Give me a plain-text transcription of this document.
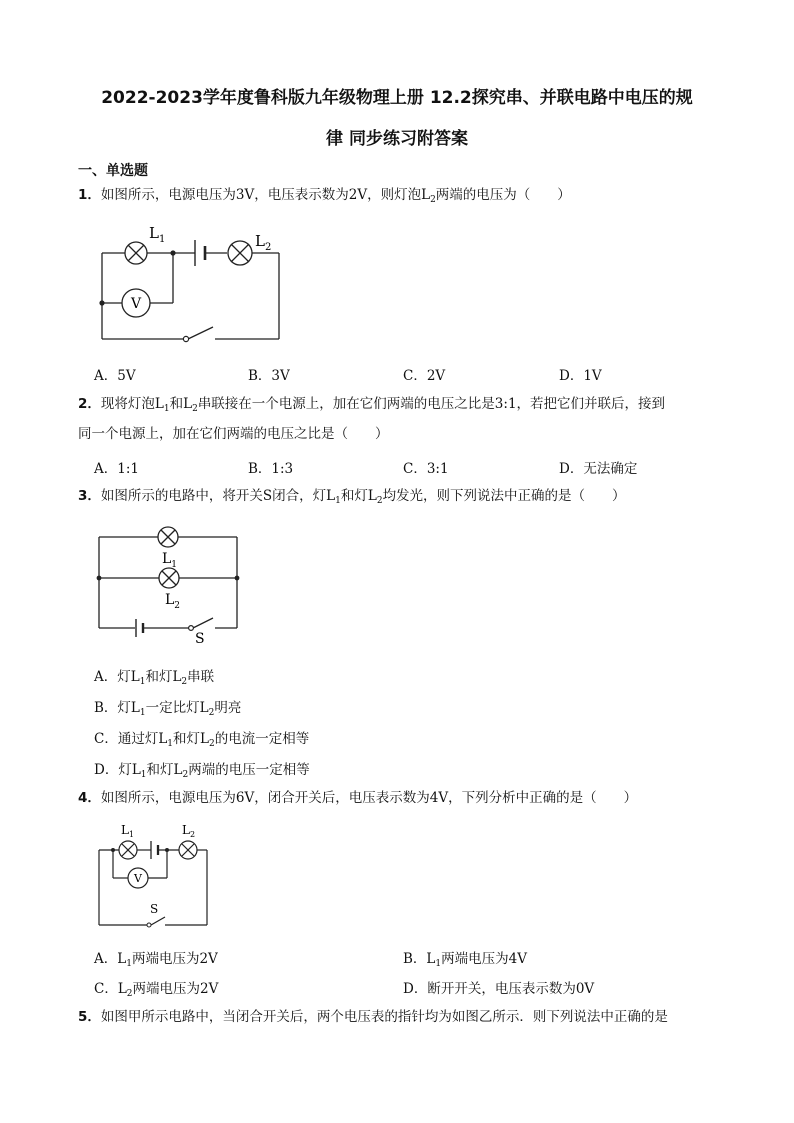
2022-2023学年度鲁科版九年级物理上册 12.2探究串、并联电路中电压的规
律 同步练习附答案
一、单选题
1．如图所示，电源电压为3V，电压表示数为2V，则灯泡$L_2$两端的电压为（　　）
V
$L_1$	$L_2$
A．5V	B．3V	C．2V	D．1V
2．现将灯泡$L_1$和$L_2$串联接在一个电源上，加在它们两端的电压之比是3:1，若把它们并联后，接到
同一个电源上，加在它们两端的电压之比是（　　）
A．1:1	B．1:3	C．3:1	D．无法确定
3．如图所示的电路中，将开关S闭合，灯$L_1$和灯$L_2$均发光，则下列说法中正确的是（　　）
$L_1$
$L_2$
S
A．灯$L_1$和灯$L_2$串联
B．灯$L_1$一定比灯$L_2$明亮
C．通过灯$L_1$和灯$L_2$的电流一定相等
D．灯$L_1$和灯$L_2$两端的电压一定相等
4．如图所示，电源电压为6V，闭合开关后，电压表示数为4V，下列分析中正确的是（　　）
V
$L_1$	$L_2$
S
A．$L_1$两端电压为2V	B．$L_1$两端电压为4V
C．$L_2$两端电压为2V	D．断开开关，电压表示数为0V
5．如图甲所示电路中，当闭合开关后，两个电压表的指针均为如图乙所示．则下列说法中正确的是
